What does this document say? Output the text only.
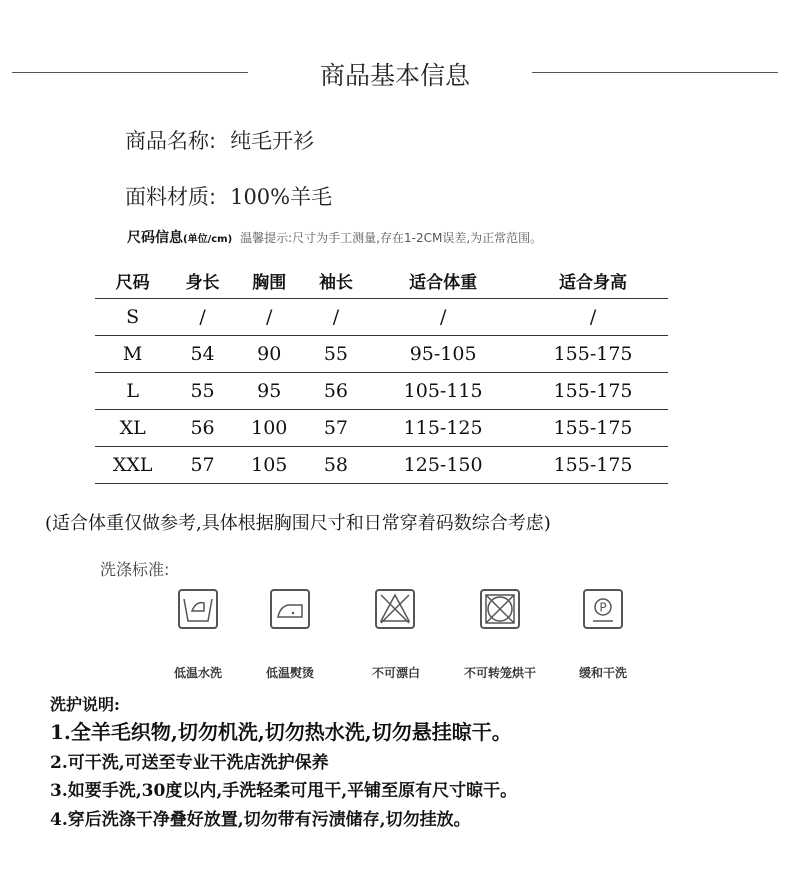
商品基本信息
商品名称: 纯毛开衫
面料材质: 100%羊毛
尺码信息(单位/cm) 温馨提示:尺寸为手工测量,存在1-2CM误差,为正常范围。
尺码	身长	胸围	袖长	适合体重	适合身高
S	/	/	/	/	/
M	54	90	55	95-105	155-175
L	55	95	56	105-115	155-175
XL	56	100	57	115-125	155-175
XXL	57	105	58	125-150	155-175
(适合体重仅做参考,具体根据胸围尺寸和日常穿着码数综合考虑)
洗涤标准:
P
低温水洗	低温熨烫	不可漂白	不可转笼烘干	缓和干洗
洗护说明:
1.全羊毛织物,切勿机洗,切勿热水洗,切勿悬挂晾干。
2.可干洗,可送至专业干洗店洗护保养
3.如要手洗,30度以内,手洗轻柔可甩干,平铺至原有尺寸晾干。
4.穿后洗涤干净叠好放置,切勿带有污渍储存,切勿挂放。
